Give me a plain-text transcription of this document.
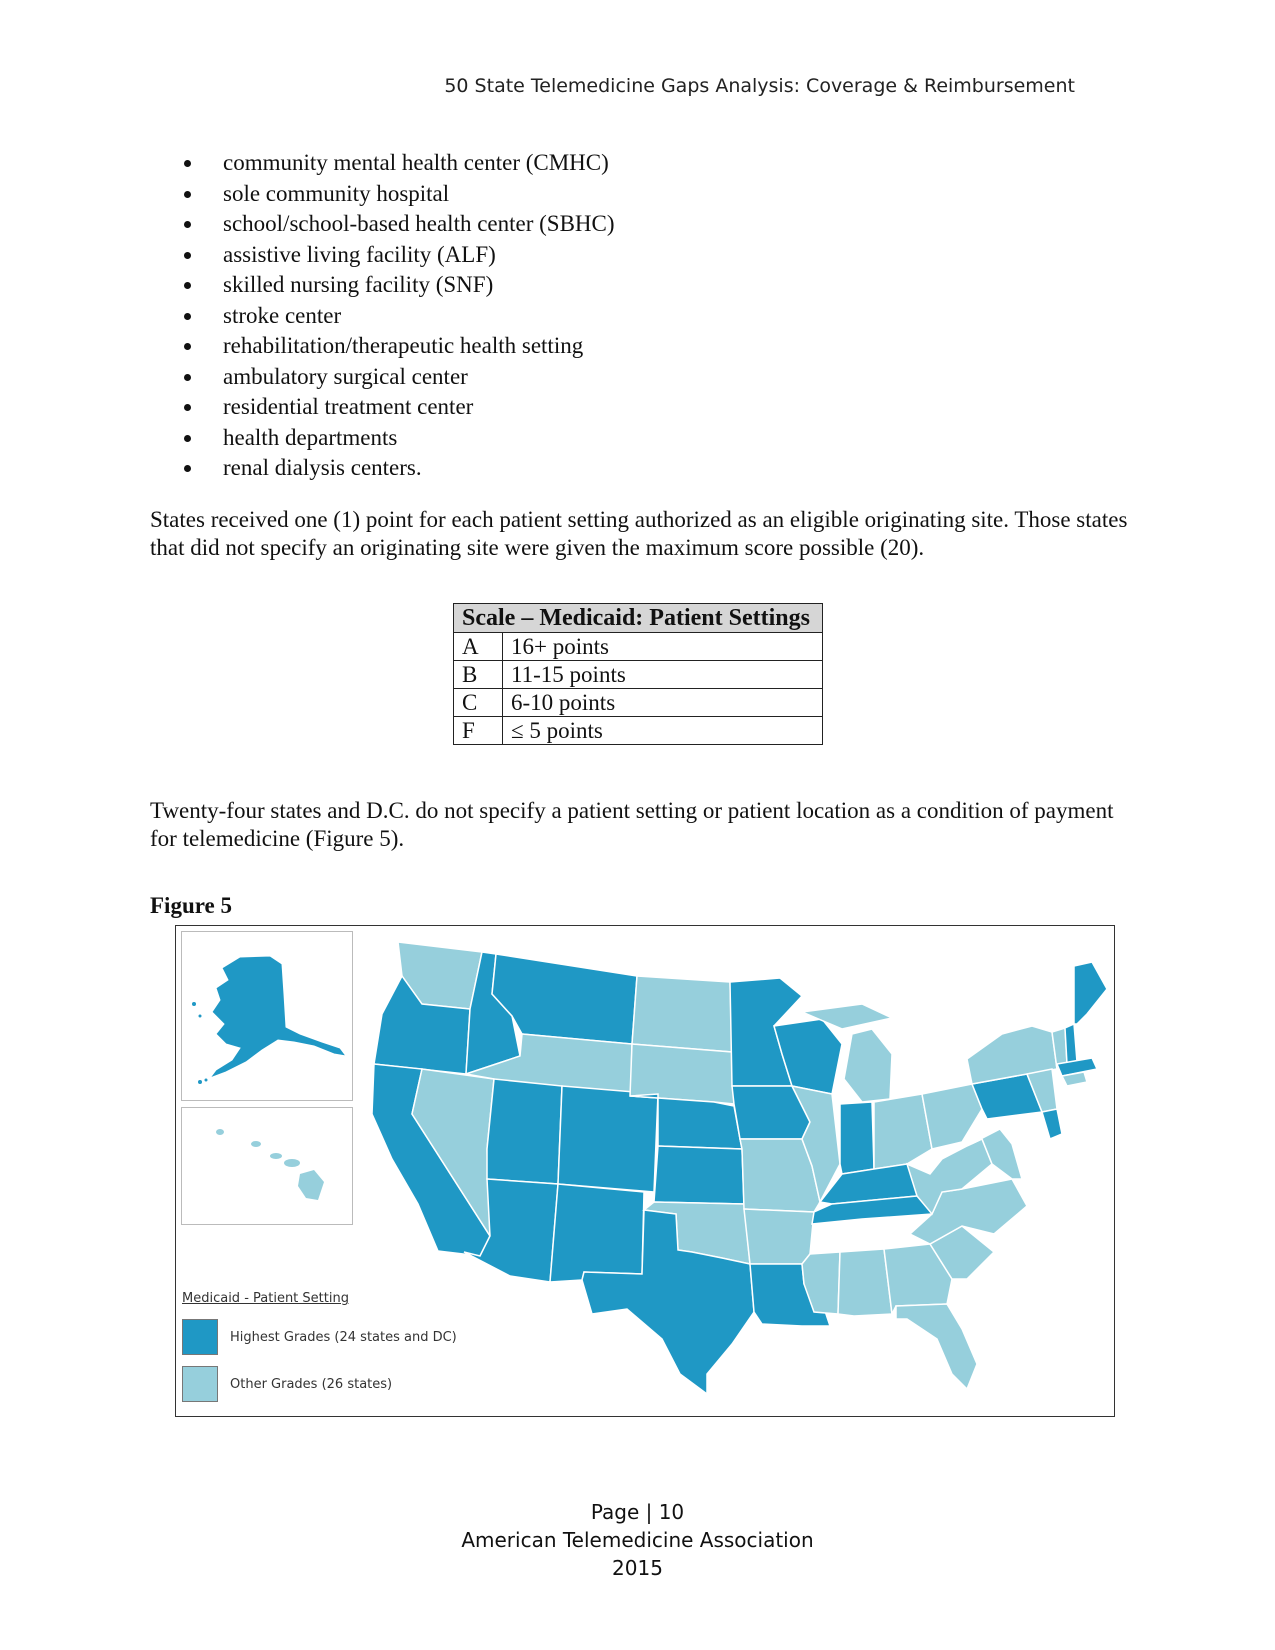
50 State Telemedicine Gaps Analysis: Coverage & Reimbursement
community mental health center (CMHC)
sole community hospital
school/school-based health center (SBHC)
assistive living facility (ALF)
skilled nursing facility (SNF)
stroke center
rehabilitation/therapeutic health setting
ambulatory surgical center
residential treatment center
health departments
renal dialysis centers.

States received one (1) point for each patient setting authorized as an eligible originating site. Those states that did not specify an originating site were given the maximum score possible (20).

Scale – Medicaid: Patient Settings	
A	16+ points
B	11-15 points
C	6-10 points
F	≤ 5 points

Twenty-four states and D.C. do not specify a patient setting or patient location as a condition of payment for telemedicine (Figure 5).

Figure 5
Medicaid - Patient Setting
Highest Grades (24 states and DC)
Other Grades (26 states)
Page | 10
American Telemedicine Association
2015
